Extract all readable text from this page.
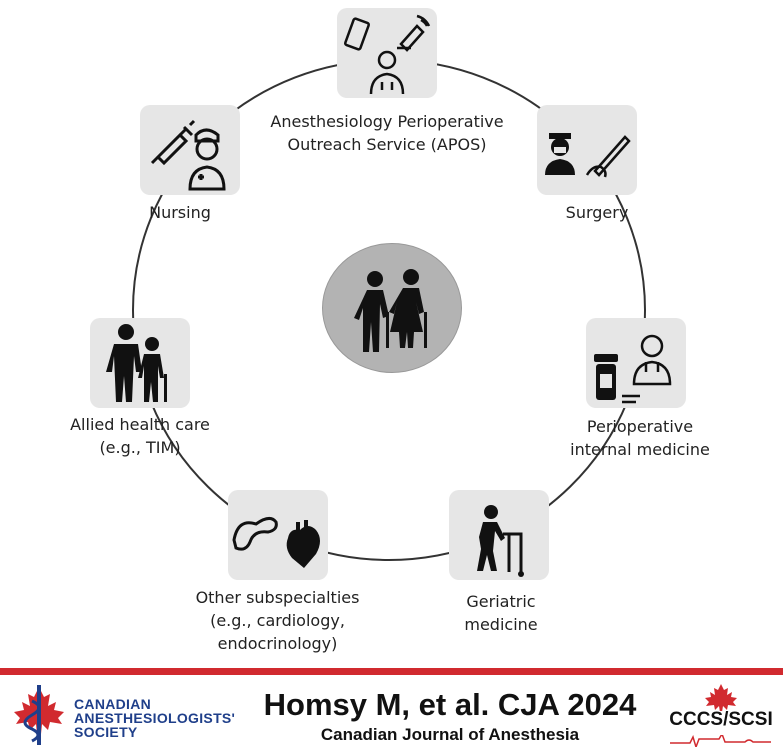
Anesthesiology Perioperative
Outreach Service (APOS)
Surgery
Perioperative
internal medicine
Geriatric
medicine
Other subspecialties
(e.g., cardiology,
endocrinology)
Allied health care
(e.g., TIM)
Nursing
CANADIAN
ANESTHESIOLOGISTS'
SOCIETY
Homsy M, et al. CJA 2024
Canadian Journal of Anesthesia
CCCS/SCSI
